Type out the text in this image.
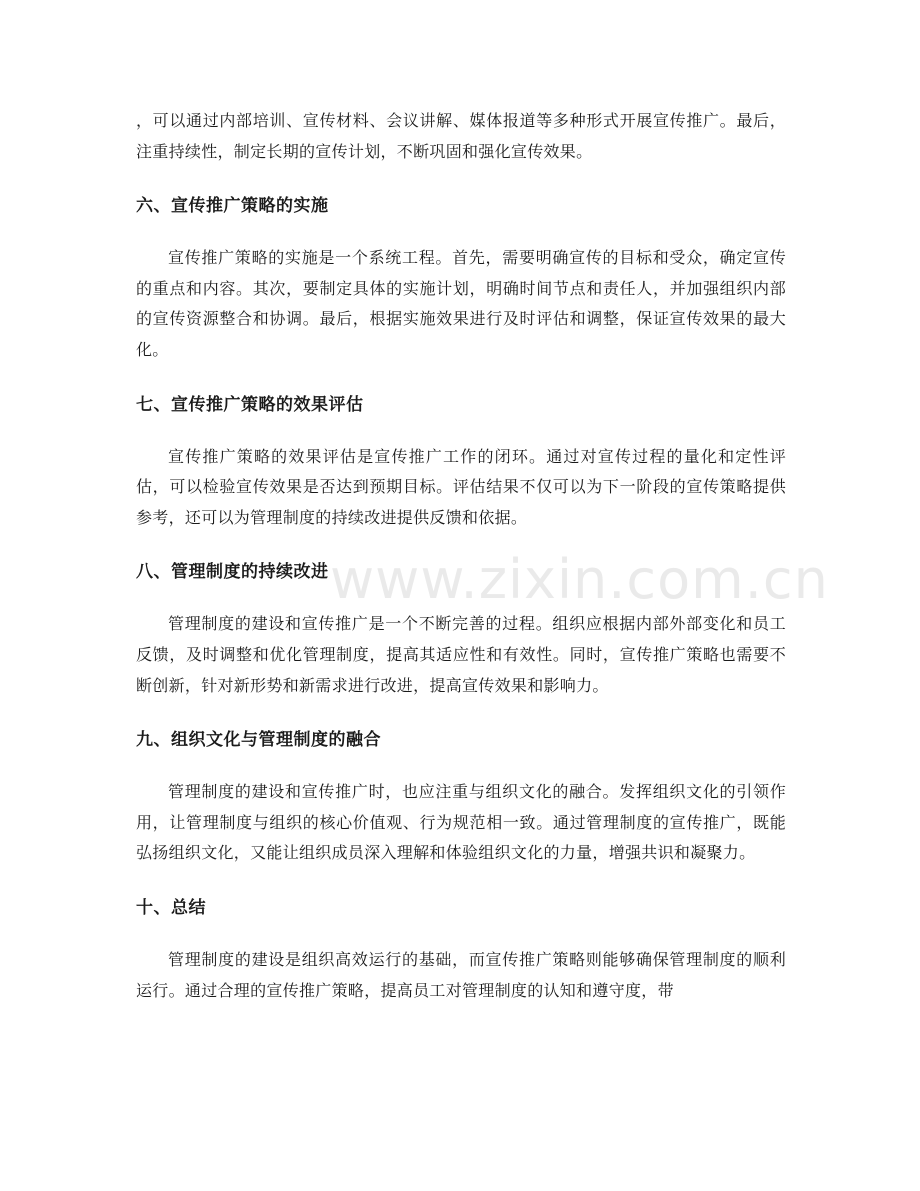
，可以通过内部培训、宣传材料、会议讲解、媒体报道等多种形式开展宣传推广。最后，注重持续性，制定长期的宣传计划，不断巩固和强化宣传效果。

六、宣传推广策略的实施

宣传推广策略的实施是一个系统工程。首先，需要明确宣传的目标和受众，确定宣传的重点和内容。其次，要制定具体的实施计划，明确时间节点和责任人，并加强组织内部的宣传资源整合和协调。最后，根据实施效果进行及时评估和调整，保证宣传效果的最大化。

七、宣传推广策略的效果评估

宣传推广策略的效果评估是宣传推广工作的闭环。通过对宣传过程的量化和定性评估，可以检验宣传效果是否达到预期目标。评估结果不仅可以为下一阶段的宣传策略提供参考，还可以为管理制度的持续改进提供反馈和依据。

八、管理制度的持续改进

管理制度的建设和宣传推广是一个不断完善的过程。组织应根据内部外部变化和员工反馈，及时调整和优化管理制度，提高其适应性和有效性。同时，宣传推广策略也需要不断创新，针对新形势和新需求进行改进，提高宣传效果和影响力。

九、组织文化与管理制度的融合

管理制度的建设和宣传推广时，也应注重与组织文化的融合。发挥组织文化的引领作用，让管理制度与组织的核心价值观、行为规范相一致。通过管理制度的宣传推广，既能弘扬组织文化，又能让组织成员深入理解和体验组织文化的力量，增强共识和凝聚力。

十、总结

管理制度的建设是组织高效运行的基础，而宣传推广策略则能够确保管理制度的顺利运行。通过合理的宣传推广策略，提高员工对管理制度的认知和遵守度，带

www.zixin.com.cn
